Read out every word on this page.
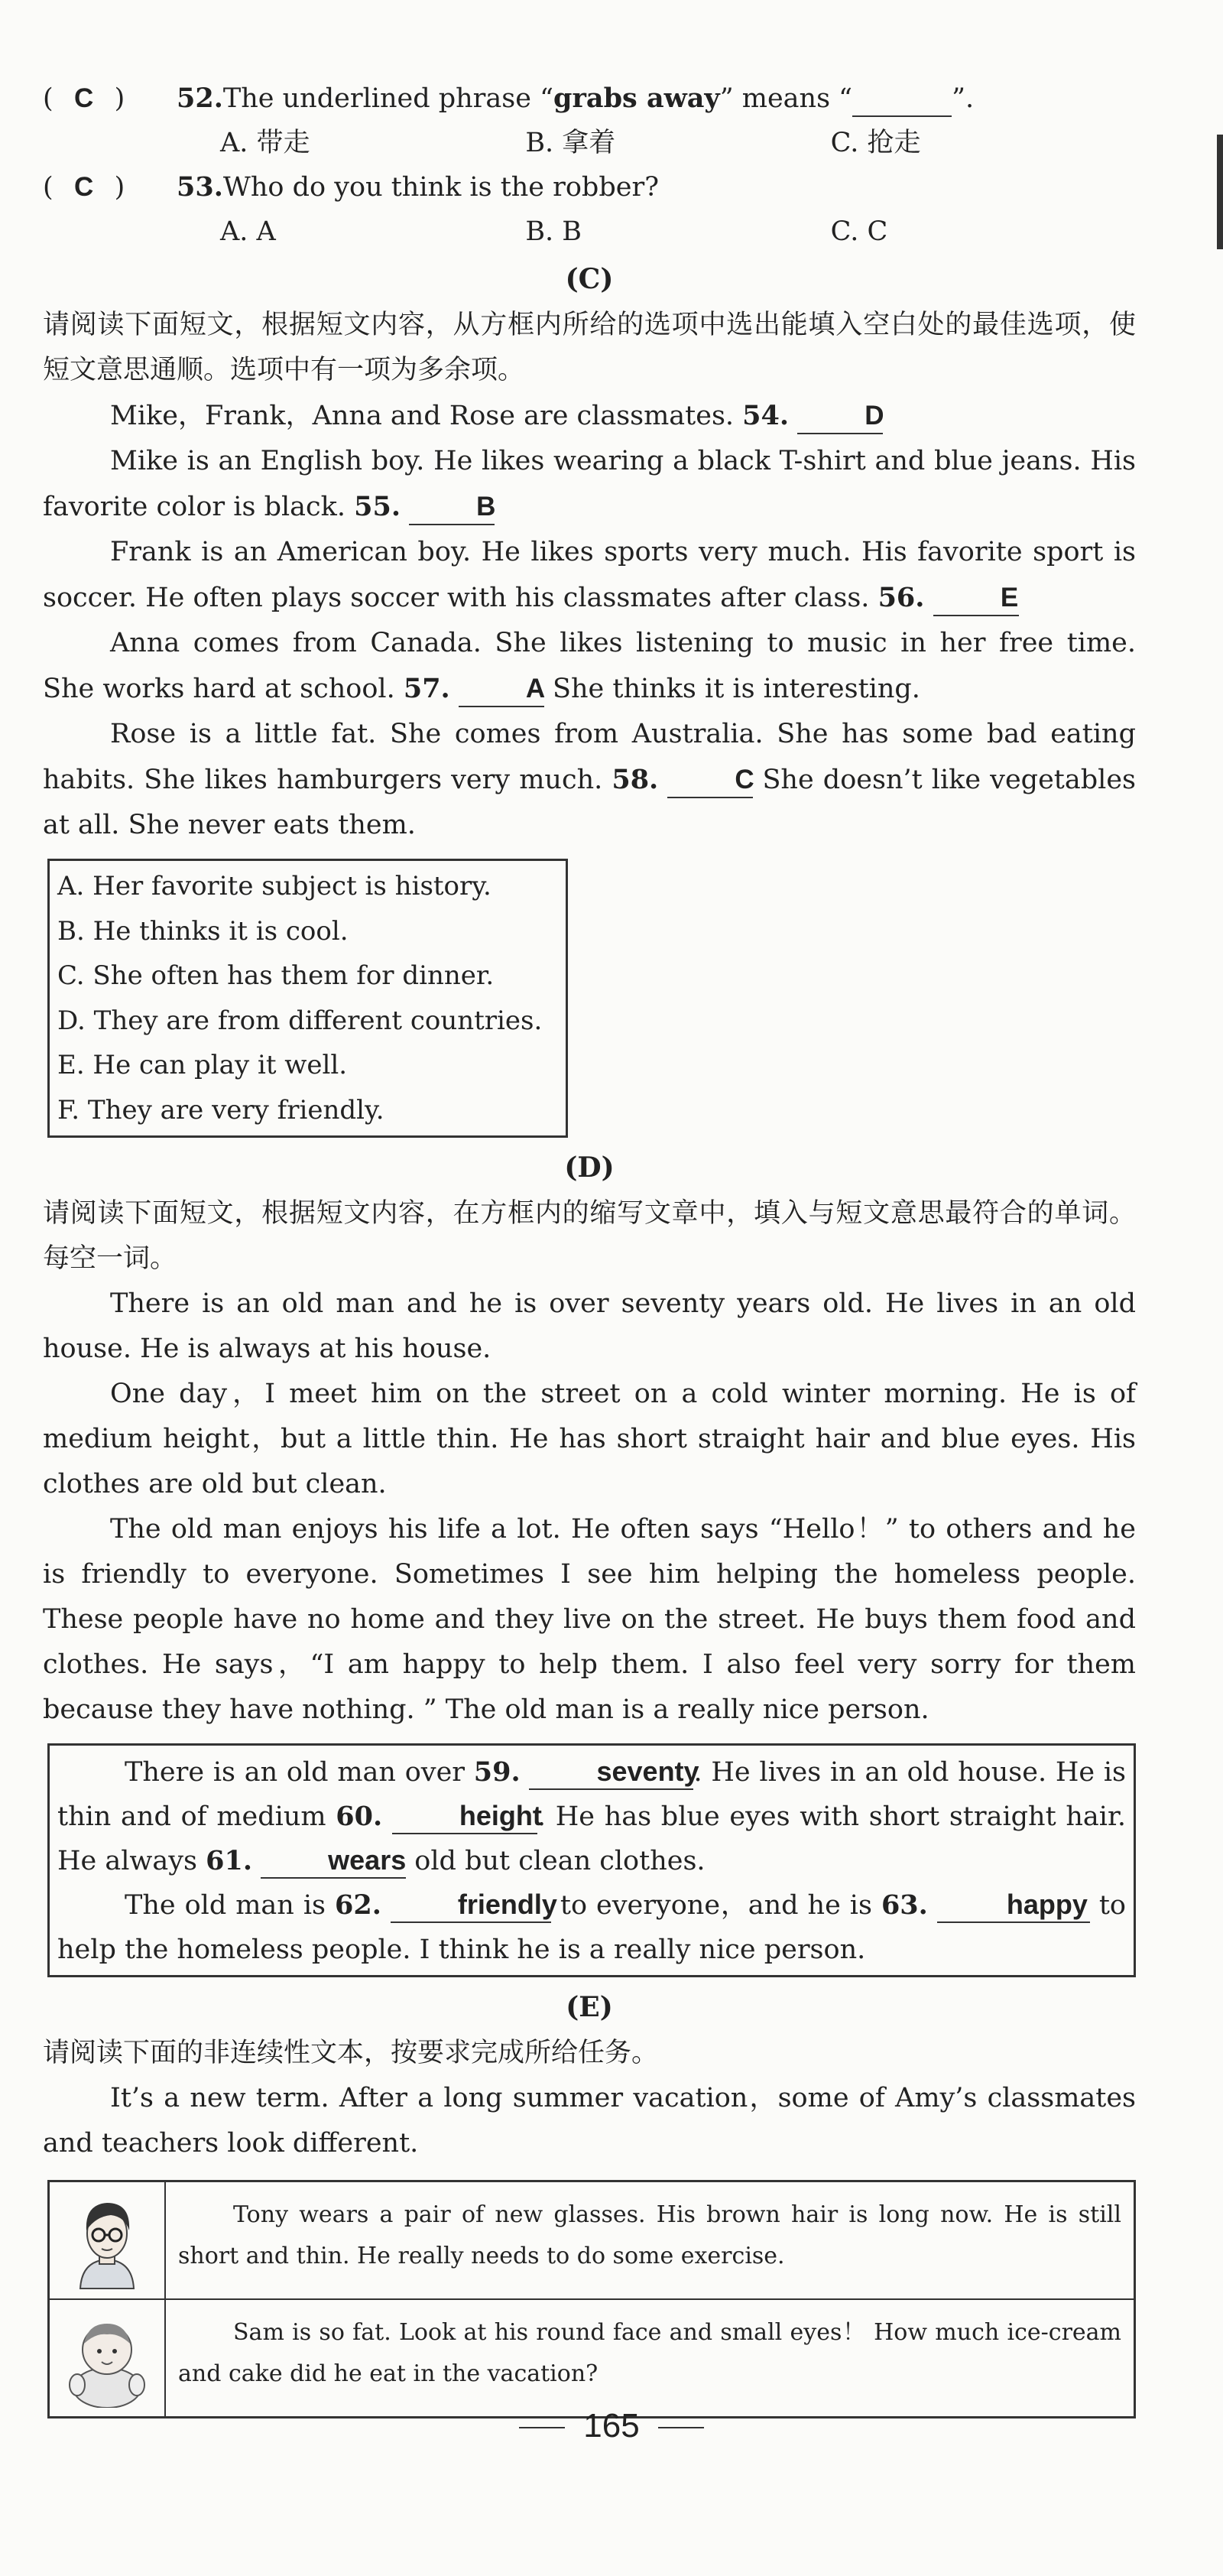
( C )	52. The underlined phrase “ grabs away ” means “
	”.
A. 带走	B. 拿着	C. 抢走
( C )	53. Who do you think is the robber?
A. A	B. B	C. C
(C)

请阅读下面短文，根据短文内容，从方框内所给的选项中选出能填入空白处的最佳选项，使短文意思通顺。选项中有一项为多余项。

Mike，Frank，Anna and Rose are classmates. 54.	D

Mike is an English boy. He likes wearing a black T-shirt and blue jeans. His favorite color is black. 55.	B

Frank is an American boy. He likes sports very much. His favorite sport is soccer. He often plays soccer with his classmates after class. 56.	E

Anna comes from Canada. She likes listening to music in her free time. She works hard at school. 57.	A She thinks it is interesting.

Rose is a little fat. She comes from Australia. She has some bad eating habits. She likes hamburgers very much. 58.	C She doesn’t like vegetables at all. She never eats them.

A. Her favorite subject is history.
B. He thinks it is cool.
C. She often has them for dinner.
D. They are from different countries.
E. He can play it well.
F. They are very friendly.
(D)

请阅读下面短文，根据短文内容，在方框内的缩写文章中，填入与短文意思最符合的单词。每空一词。

There is an old man and he is over seventy years old. He lives in an old house. He is always at his house.

One day，I meet him on the street on a cold winter morning. He is of medium height，but a little thin. He has short straight hair and blue eyes. His clothes are old but clean.

The old man enjoys his life a lot. He often says “Hello！” to others and he is friendly to everyone. Sometimes I see him helping the homeless people. These people have no home and they live on the street. He buys them food and clothes. He says，“I am happy to help them. I also feel very sorry for them because they have nothing. ” The old man is a really nice person.

There is an old man over 59.	seventy. He lives in an old house. He is thin and of medium 60.	height. He has blue eyes with short straight hair. He always 61.	wears old but clean clothes.

The old man is 62.	friendly to everyone，and he is 63.	happy to help the homeless people. I think he is a really nice person.

(E)

请阅读下面的非连续性文本，按要求完成所给任务。

It’s a new term. After a long summer vacation，some of Amy’s classmates and teachers look different.

Tony wears a pair of new glasses. His brown hair is long now. He is still short and thin. He really needs to do some exercise.

Sam is so fat. Look at his round face and small eyes！ How much ice-cream and cake did he eat in the vacation?

165
